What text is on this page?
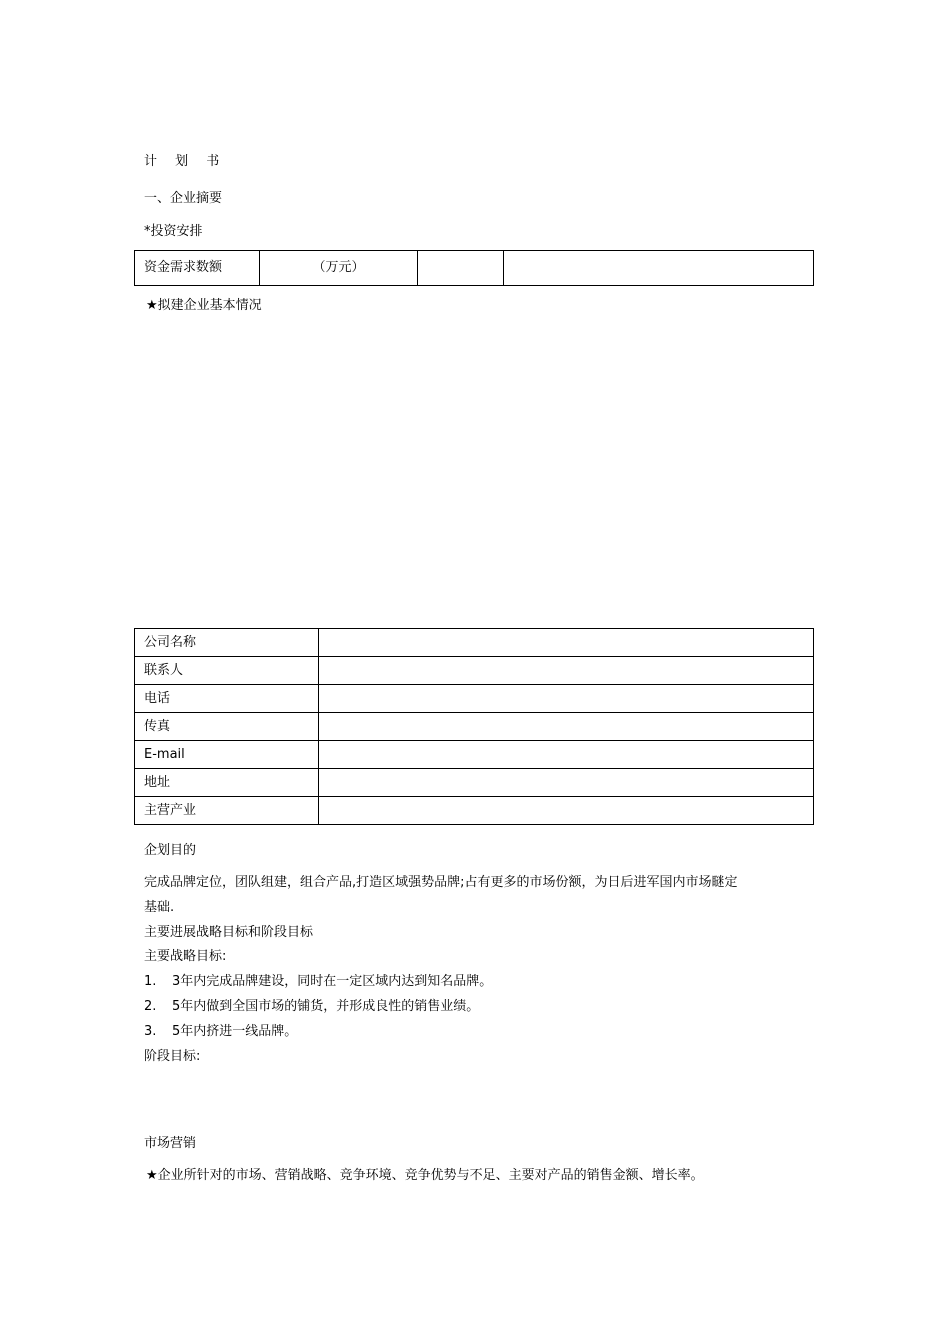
计 划 书
一、企业摘要
*投资安排
资金需求数额	（万元）		
★拟建企业基本情况
公司名称	
联系人	
电话	
传真	
E-mail	
地址	
主营产业	
企划目的
完成品牌定位，团队组建，组合产品,打造区域强势品牌;占有更多的市场份额，为日后进军国内市场瞇定
基础.
主要进展战略目标和阶段目标
主要战略目标:
1. 3年内完成品牌建设，同时在一定区域内达到知名品牌。
2. 5年内做到全国市场的铺货，并形成良性的销售业绩。
3. 5年内挤进一线品牌。
阶段目标:
市场营销
★企业所针对的市场、营销战略、竞争环境、竞争优势与不足、主要对产品的销售金额、增长率。
